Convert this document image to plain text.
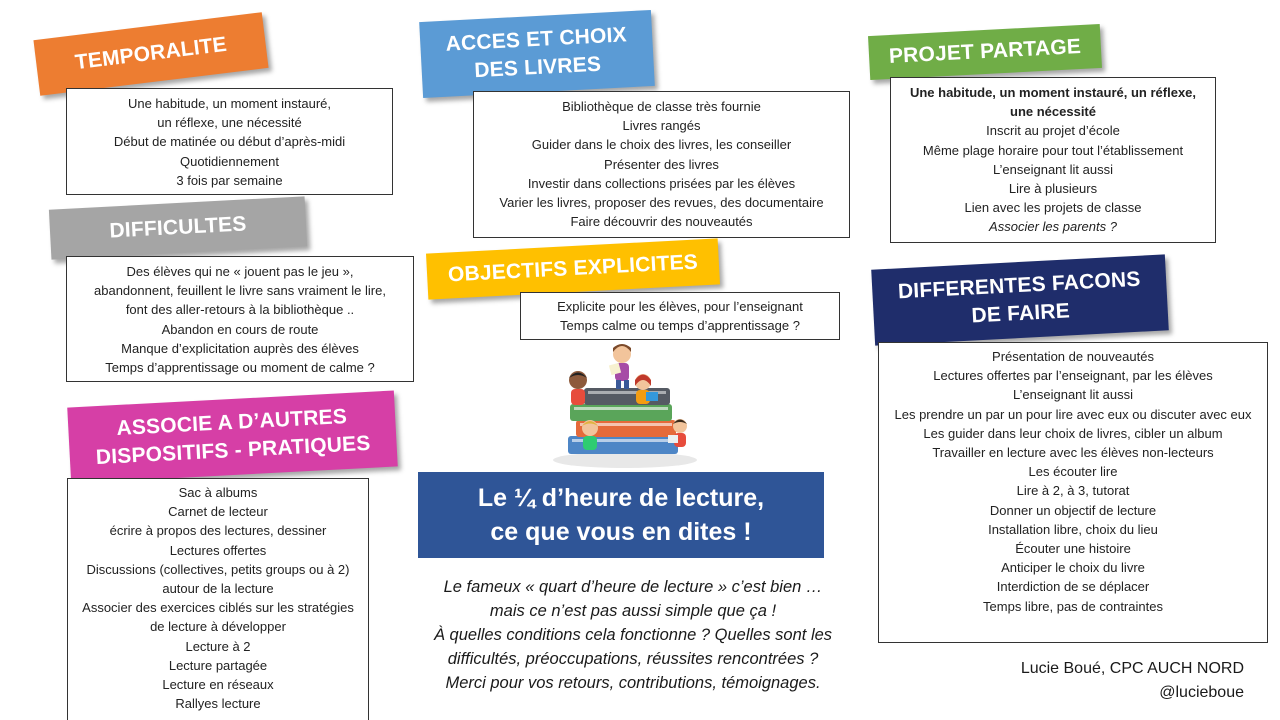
TEMPORALITE
Une habitude, un moment instauré,
un réflexe, une nécessité
Début de matinée ou début d’après-midi
Quotidiennement
3 fois par semaine
ACCES ET CHOIX
DES LIVRES
Bibliothèque de classe très fournie
Livres rangés
Guider dans le choix des livres, les conseiller
Présenter des livres
Investir dans collections prisées par les élèves
Varier les livres, proposer des revues, des documentaire
Faire découvrir des nouveautés
PROJET PARTAGE
Une habitude, un moment instauré, un réflexe,
une nécessité
Inscrit au projet d’école
Même plage horaire pour tout l’établissement
L’enseignant lit aussi
Lire à plusieurs
Lien avec les projets de classe
Associer les parents ?
DIFFICULTES
Des élèves qui ne « jouent pas le jeu »,
abandonnent, feuillent le livre sans vraiment le lire,
font des aller-retours à la bibliothèque ..
Abandon en cours de route
Manque d’explicitation auprès des élèves
Temps d’apprentissage ou moment de calme ?
OBJECTIFS EXPLICITES
Explicite pour les élèves, pour l’enseignant
Temps calme ou temps d’apprentissage ?
DIFFERENTES FACONS
DE FAIRE
Présentation de nouveautés
Lectures offertes par l’enseignant, par les élèves
L’enseignant lit aussi
Les prendre un par un pour lire avec eux ou discuter avec eux
Les guider dans leur choix de livres, cibler un album
Travailler en lecture avec les élèves non-lecteurs
Les écouter lire
Lire à 2, à 3, tutorat
Donner un objectif de lecture
Installation libre, choix du lieu
Écouter une histoire
Anticiper le choix du livre
Interdiction de se déplacer
Temps libre, pas de contraintes
ASSOCIE A D’AUTRES
DISPOSITIFS - PRATIQUES
Sac à albums
Carnet de lecteur
écrire à propos des lectures, dessiner
Lectures offertes
Discussions (collectives, petits groups ou à 2) autour de la lecture
Associer des exercices ciblés sur les stratégies de lecture à développer
Lecture à 2
Lecture partagée
Lecture en réseaux
Rallyes lecture
Le ¼ d’heure de lecture,
ce que vous en dites !
Le fameux « quart d’heure de lecture » c’est bien …
mais ce n’est pas aussi simple que ça !
À quelles conditions cela fonctionne ? Quelles sont les
difficultés, préoccupations, réussites rencontrées ?
Merci pour vos retours, contributions, témoignages.
Lucie Boué, CPC AUCH NORD
@lucieboue
